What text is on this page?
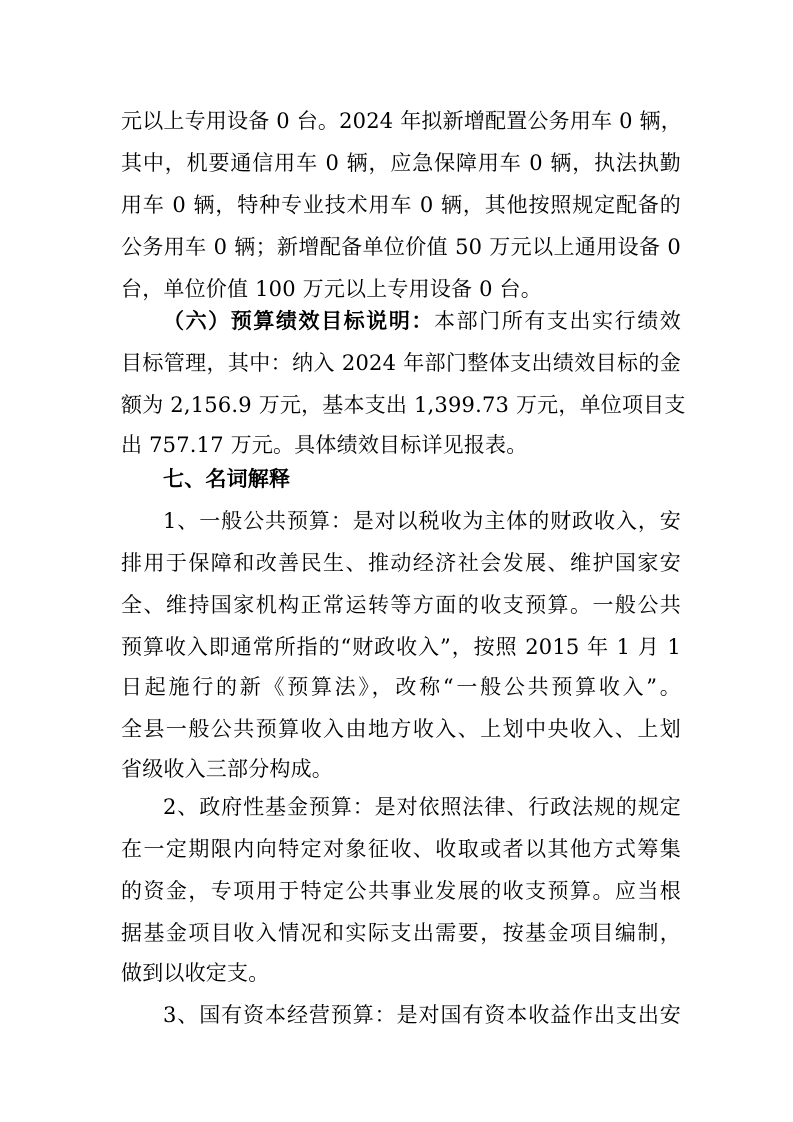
元以上专用设备 0 台。2024 年拟新增配置公务用车 0 辆，
其中，机要通信用车 0 辆，应急保障用车 0 辆，执法执勤
用车 0 辆，特种专业技术用车 0 辆，其他按照规定配备的
公务用车 0 辆；新增配备单位价值 50 万元以上通用设备 0
台，单位价值 100 万元以上专用设备 0 台。
（六）预算绩效目标说明：本部门所有支出实行绩效
目标管理，其中：纳入 2024 年部门整体支出绩效目标的金
额为 2,156.9 万元，基本支出 1,399.73 万元，单位项目支
出 757.17 万元。具体绩效目标详见报表。
七、名词解释
1、一般公共预算：是对以税收为主体的财政收入，安
排用于保障和改善民生、推动经济社会发展、维护国家安
全、维持国家机构正常运转等方面的收支预算。一般公共
预算收入即通常所指的“财政收入”，按照 2015 年 1 月 1
日起施行的新《预算法》，改称“一般公共预算收入”。
全县一般公共预算收入由地方收入、上划中央收入、上划
省级收入三部分构成。
2、政府性基金预算：是对依照法律、行政法规的规定
在一定期限内向特定对象征收、收取或者以其他方式筹集
的资金，专项用于特定公共事业发展的收支预算。应当根
据基金项目收入情况和实际支出需要，按基金项目编制，
做到以收定支。
3、国有资本经营预算：是对国有资本收益作出支出安
